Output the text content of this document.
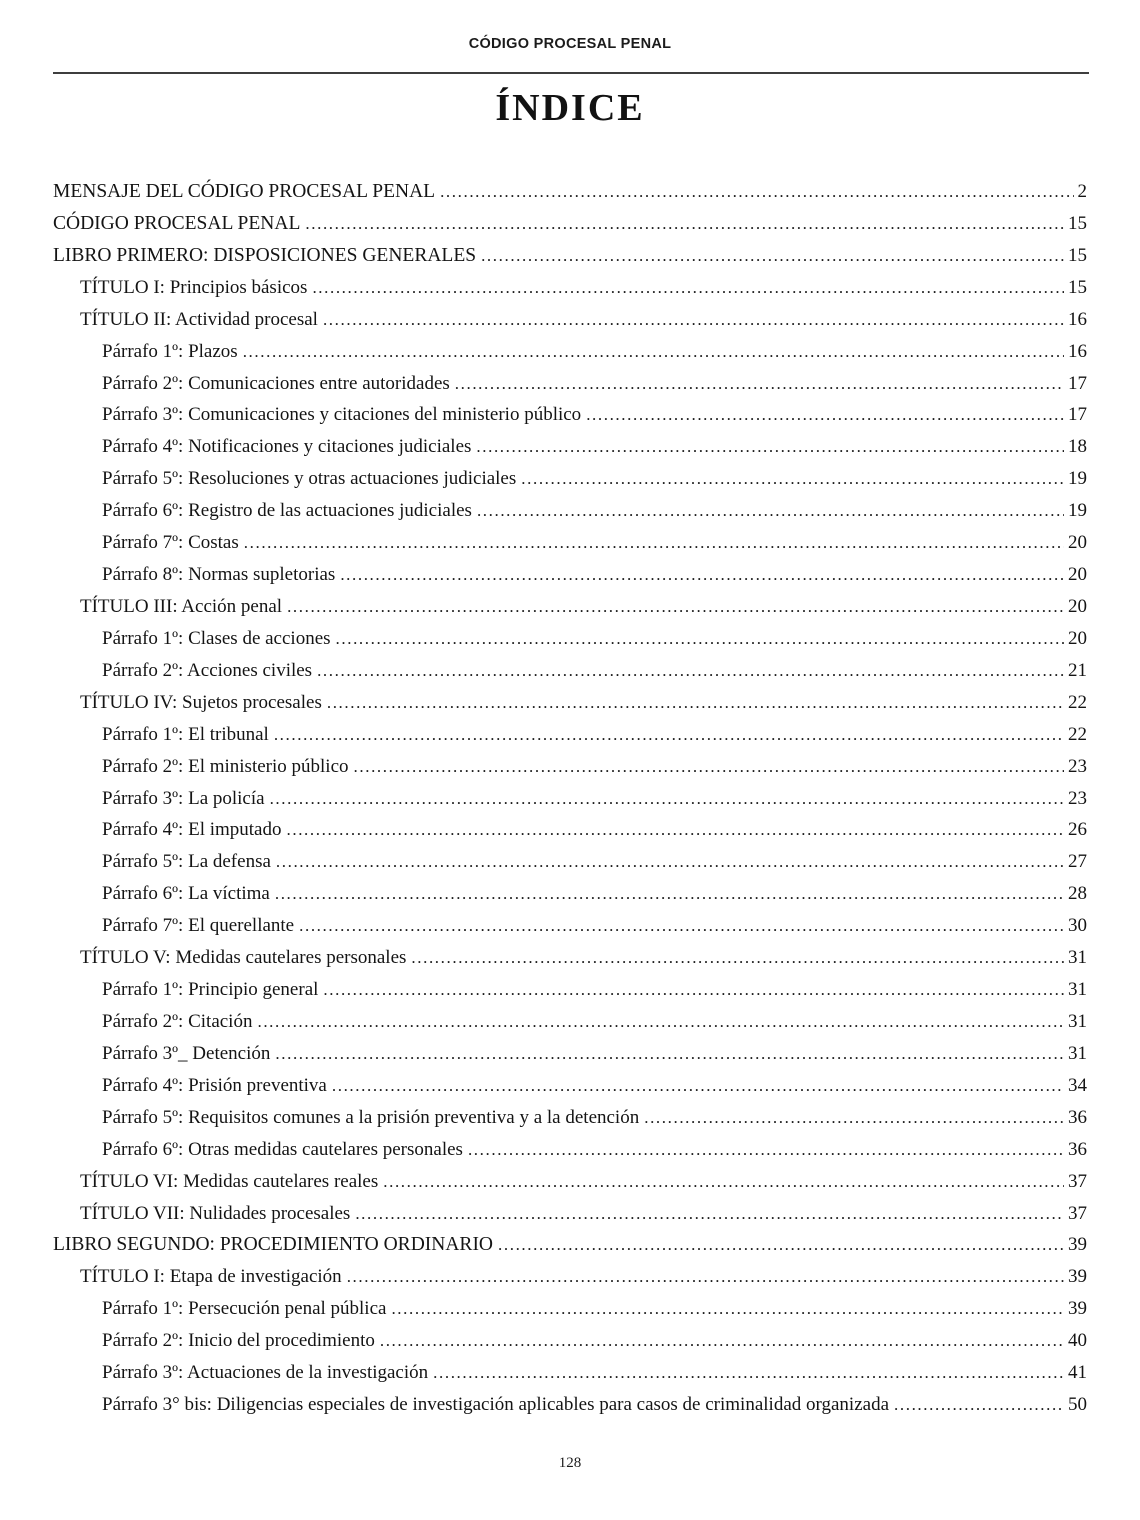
CÓDIGO PROCESAL PENAL
ÍNDICE
MENSAJE DEL CÓDIGO PROCESAL PENAL .....	2
CÓDIGO PROCESAL PENAL .....	15
LIBRO PRIMERO: DISPOSICIONES GENERALES .....	15
TÍTULO I: Principios básicos .....	15
TÍTULO II: Actividad procesal .....	16
Párrafo 1º: Plazos .....	16
Párrafo 2º: Comunicaciones entre autoridades .....	17
Párrafo 3º: Comunicaciones y citaciones del ministerio público .....	17
Párrafo 4º: Notificaciones y citaciones judiciales .....	18
Párrafo 5º: Resoluciones y otras actuaciones judiciales .....	19
Párrafo 6º: Registro de las actuaciones judiciales .....	19
Párrafo 7º: Costas .....	20
Párrafo 8º: Normas supletorias .....	20
TÍTULO III: Acción penal .....	20
Párrafo 1º: Clases de acciones .....	20
Párrafo 2º: Acciones civiles .....	21
TÍTULO IV: Sujetos procesales .....	22
Párrafo 1º: El tribunal .....	22
Párrafo 2º: El ministerio público .....	23
Párrafo 3º: La policía .....	23
Párrafo 4º: El imputado .....	26
Párrafo 5º: La defensa .....	27
Párrafo 6º: La víctima .....	28
Párrafo 7º: El querellante .....	30
TÍTULO V: Medidas cautelares personales .....	31
Párrafo 1º: Principio general .....	31
Párrafo 2º: Citación .....	31
Párrafo 3º_ Detención .....	31
Párrafo 4º: Prisión preventiva .....	34
Párrafo 5º: Requisitos comunes a la prisión preventiva y a la detención .....	36
Párrafo 6º: Otras medidas cautelares personales .....	36
TÍTULO VI: Medidas cautelares reales .....	37
TÍTULO VII: Nulidades procesales .....	37
LIBRO SEGUNDO: PROCEDIMIENTO ORDINARIO .....	39
TÍTULO I: Etapa de investigación .....	39
Párrafo 1º: Persecución penal pública .....	39
Párrafo 2º: Inicio del procedimiento .....	40
Párrafo 3º: Actuaciones de la investigación .....	41
Párrafo 3° bis: Diligencias especiales de investigación aplicables para casos de criminalidad organizada .....	50
128
